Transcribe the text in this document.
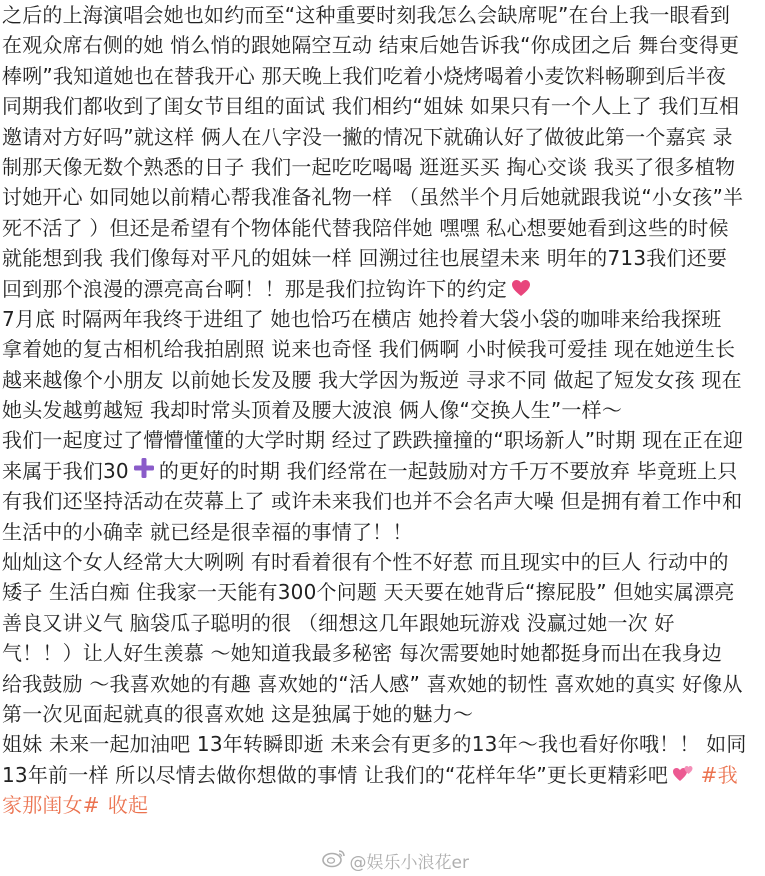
之后的上海演唱会她也如约而至“这种重要时刻我怎么会缺席呢”在台上我一眼看到
在观众席右侧的她 悄么悄的跟她隔空互动 结束后她告诉我“你成团之后 舞台变得更
棒咧”我知道她也在替我开心 那天晚上我们吃着小烧烤喝着小麦饮料畅聊到后半夜
同期我们都收到了闺女节目组的面试 我们相约“姐妹 如果只有一个人上了 我们互相
邀请对方好吗”就这样 俩人在八字没一撇的情况下就确认好了做彼此第一个嘉宾 录
制那天像无数个熟悉的日子 我们一起吃吃喝喝 逛逛买买 掏心交谈 我买了很多植物
讨她开心 如同她以前精心帮我准备礼物一样 （虽然半个月后她就跟我说“小女孩”半
死不活了 ）但还是希望有个物体能代替我陪伴她 嘿嘿 私心想要她看到这些的时候
就能想到我 我们像每对平凡的姐妹一样 回溯过往也展望未来 明年的713我们还要
回到那个浪漫的漂亮高台啊！！那是我们拉钩许下的约定
7月底 时隔两年我终于进组了 她也恰巧在横店 她拎着大袋小袋的咖啡来给我探班
拿着她的复古相机给我拍剧照 说来也奇怪 我们俩啊 小时候我可爱挂 现在她逆生长
越来越像个小朋友 以前她长发及腰 我大学因为叛逆 寻求不同 做起了短发女孩 现在
她头发越剪越短 我却时常头顶着及腰大波浪 俩人像“交换人生”一样～
我们一起度过了懵懵懂懂的大学时期 经过了跌跌撞撞的“职场新人”时期 现在正在迎
来属于我们30 的更好的时期 我们经常在一起鼓励对方千万不要放弃 毕竟班上只
有我们还坚持活动在荧幕上了 或许未来我们也并不会名声大噪 但是拥有着工作中和
生活中的小确幸 就已经是很幸福的事情了！！
灿灿这个女人经常大大咧咧 有时看着很有个性不好惹 而且现实中的巨人 行动中的
矮子 生活白痴 住我家一天能有300个问题 天天要在她背后“擦屁股” 但她实属漂亮
善良又讲义气 脑袋瓜子聪明的很 （细想这几年跟她玩游戏 没赢过她一次 好
气！！）让人好生羡慕 ～她知道我最多秘密 每次需要她时她都挺身而出在我身边
给我鼓励 ～我喜欢她的有趣 喜欢她的“活人感” 喜欢她的韧性 喜欢她的真实 好像从
第一次见面起就真的很喜欢她 这是独属于她的魅力～
姐妹 未来一起加油吧 13年转瞬即逝 未来会有更多的13年～我也看好你哦！！ 如同
13年前一样 所以尽情去做你想做的事情 让我们的“花样年华”更长更精彩吧 #我
家那闺女# 收起
@娱乐小浪花er
